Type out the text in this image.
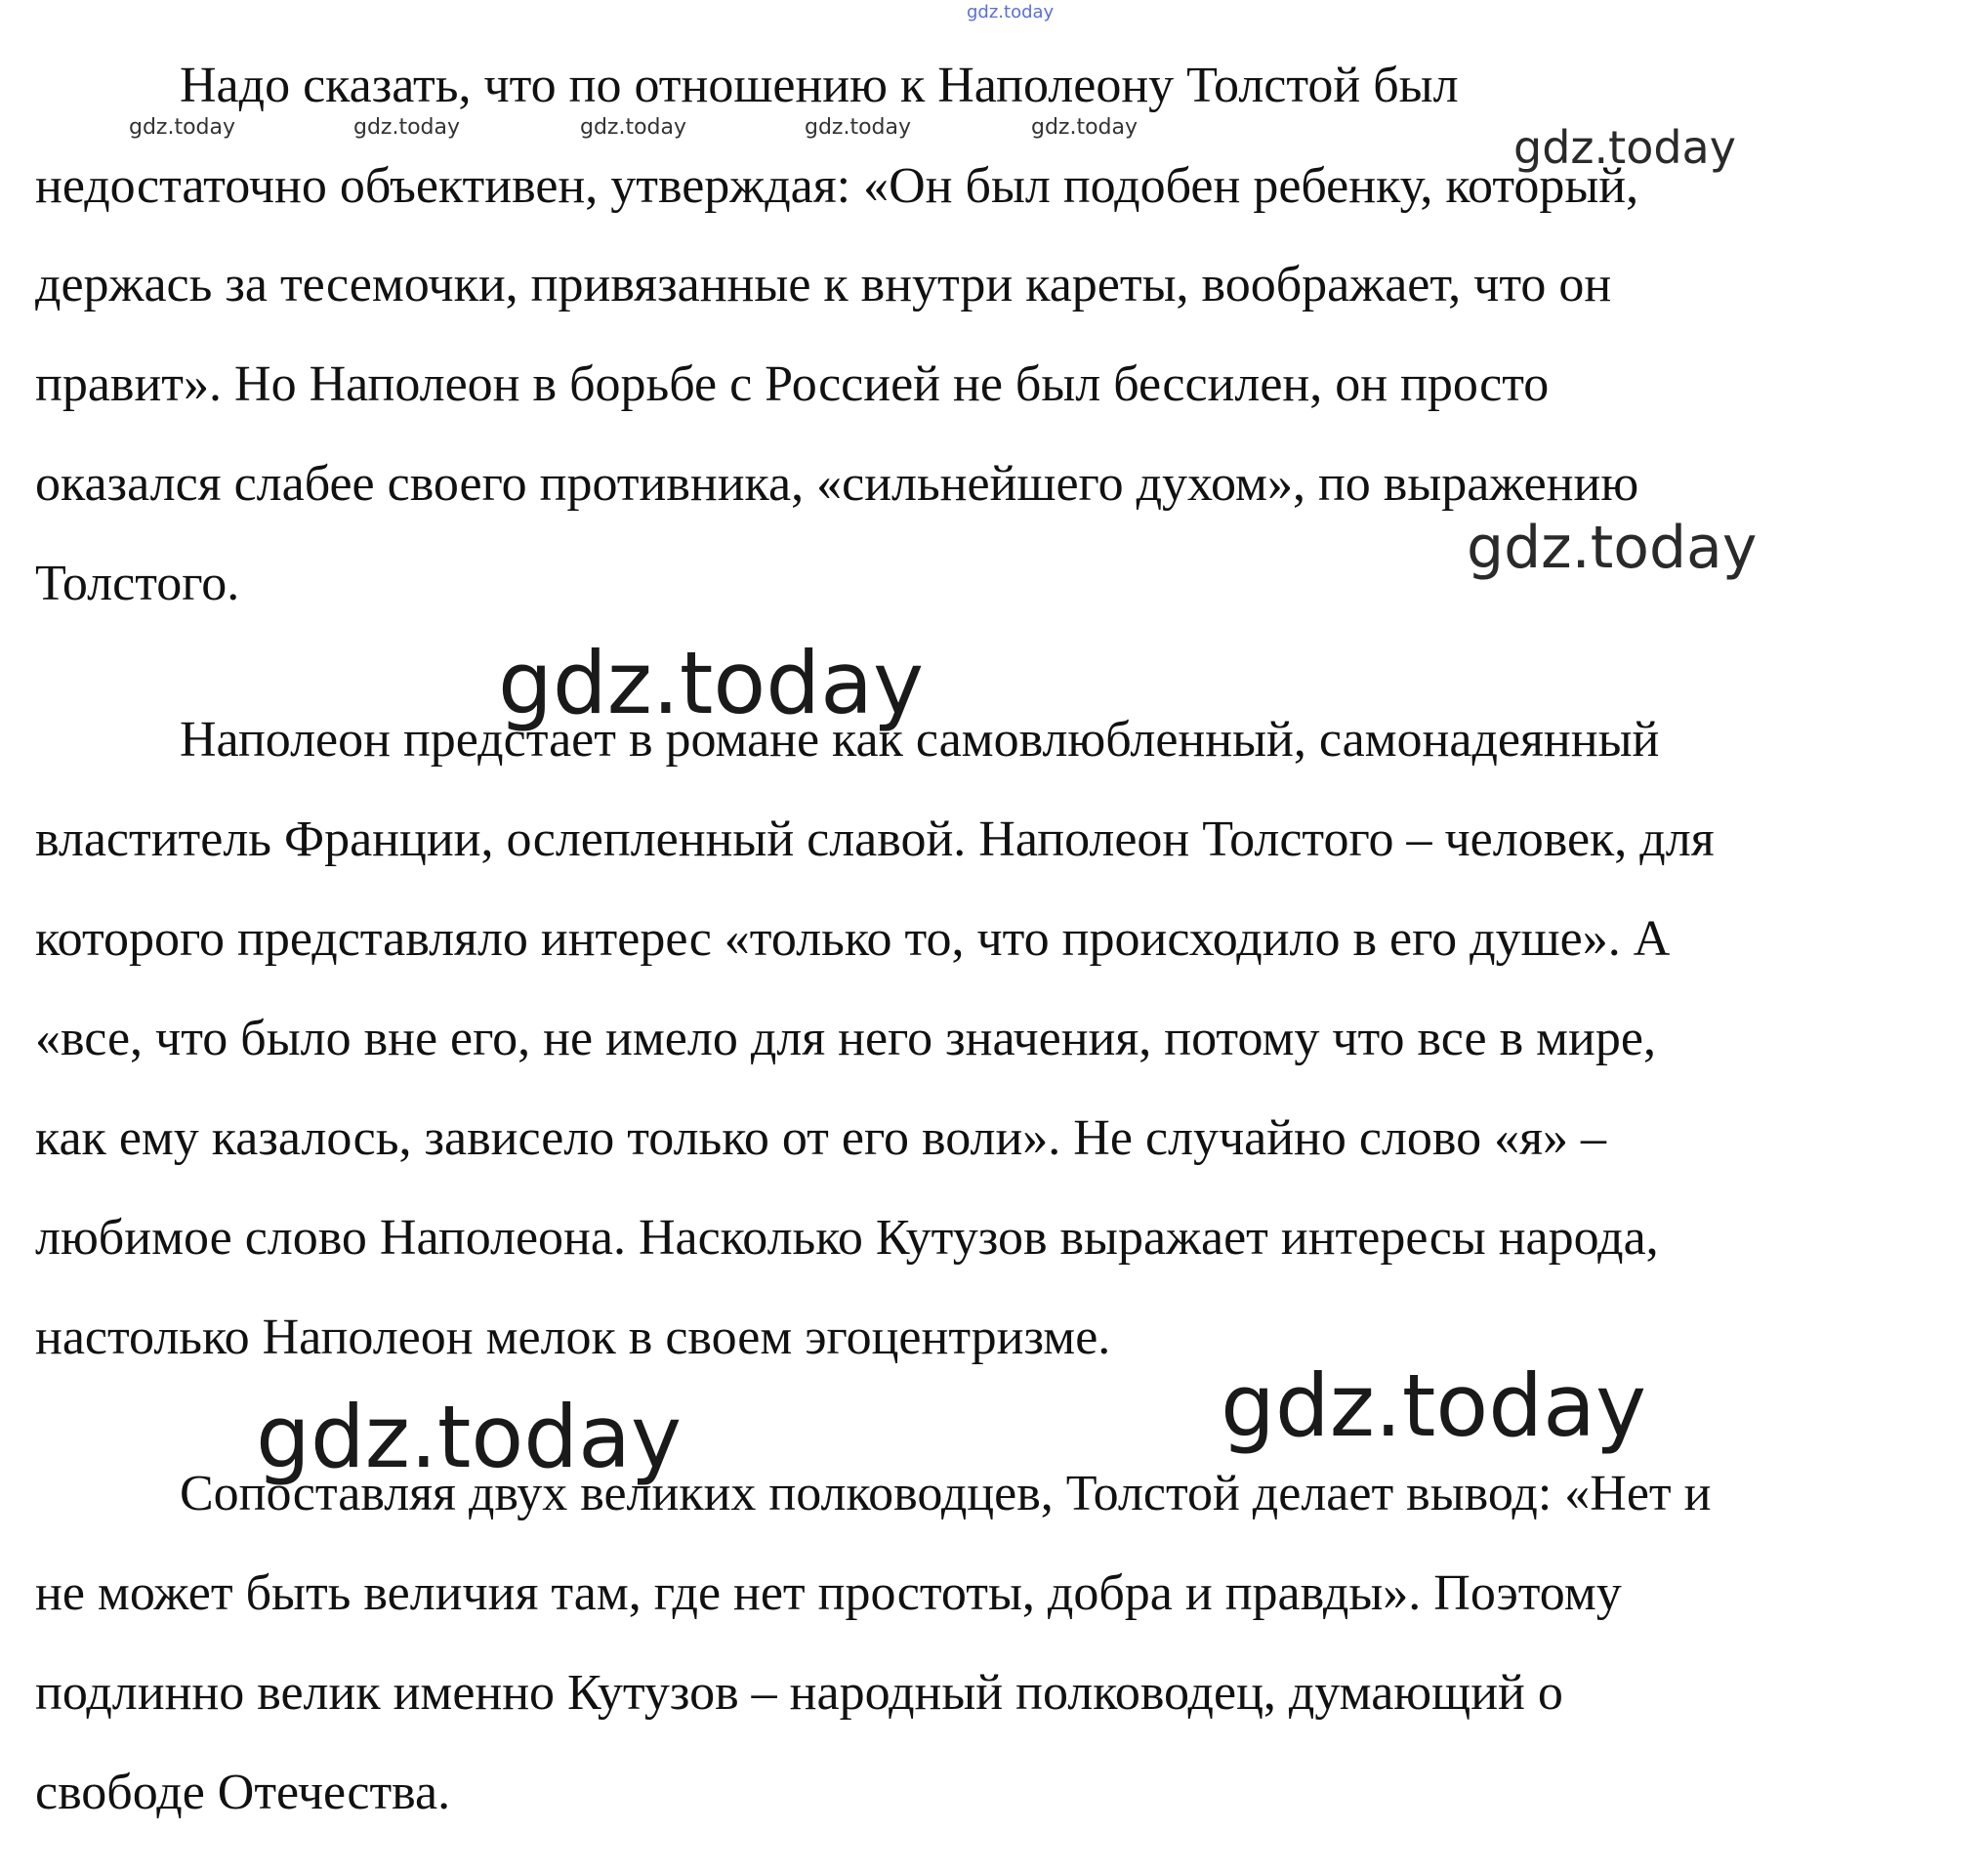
gdz.today
gdz.today	gdz.today	gdz.today	gdz.today	gdz.today	gdz.today
gdz.today
gdz.today
gdz.today
gdz.today
Надо сказать, что по отношению к Наполеону Толстой был
недостаточно объективен, утверждая: «Он был подобен ребенку, который,
держась за тесемочки, привязанные к внутри кареты, воображает, что он
правит». Но Наполеон в борьбе с Россией не был бессилен, он просто
оказался слабее своего противника, «сильнейшего духом», по выражению
Толстого.
Наполеон предстает в романе как самовлюбленный, самонадеянный
властитель Франции, ослепленный славой. Наполеон Толстого – человек, для
которого представляло интерес «только то, что происходило в его душе». А
«все, что было вне его, не имело для него значения, потому что все в мире,
как ему казалось, зависело только от его воли». Не случайно слово «я» –
любимое слово Наполеона. Насколько Кутузов выражает интересы народа,
настолько Наполеон мелок в своем эгоцентризме.
Сопоставляя двух великих полководцев, Толстой делает вывод: «Нет и
не может быть величия там, где нет простоты, добра и правды». Поэтому
подлинно велик именно Кутузов – народный полководец, думающий о
свободе Отечества.
